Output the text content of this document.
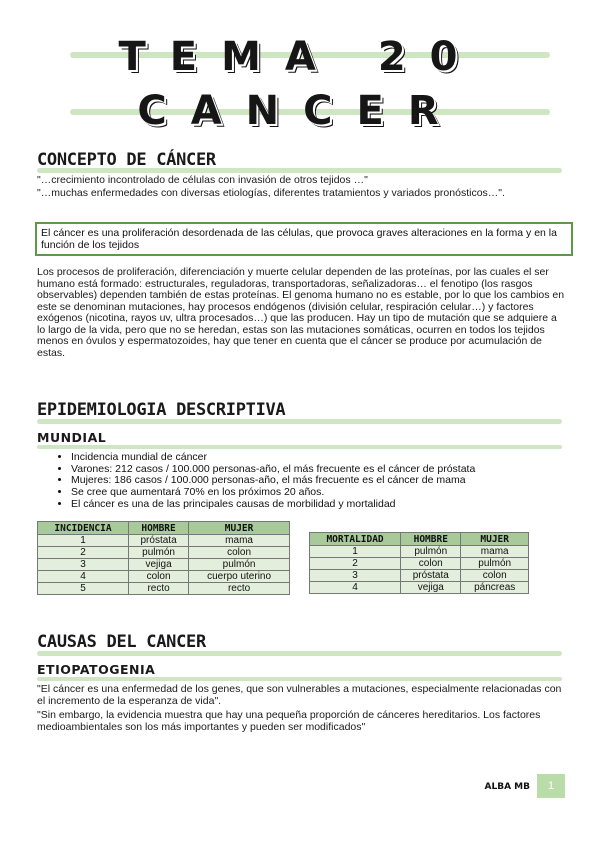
TEMA 20
CANCER
CONCEPTO DE CÁNCER
"…crecimiento incontrolado de células con invasión de otros tejidos …"
"…muchas enfermedades con diversas etiologías, diferentes tratamientos y variados pronósticos…".
El cáncer es una proliferación desordenada de las células, que provoca graves alteraciones en la forma y en la función de los tejidos
Los procesos de proliferación, diferenciación y muerte celular dependen de las proteínas, por las cuales el ser humano está formado: estructurales, reguladoras, transportadoras, señalizadoras… el fenotipo (los rasgos observables) dependen también de estas proteínas. El genoma humano no es estable, por lo que los cambios en este se denominan mutaciones, hay procesos endógenos (división celular, respiración celular…) y factores exógenos (nicotina, rayos uv, ultra procesados…) que las producen. Hay un tipo de mutación que se adquiere a lo largo de la vida, pero que no se heredan, estas son las mutaciones somáticas, ocurren en todos los tejidos menos en óvulos y espermatozoides, hay que tener en cuenta que el cáncer se produce por acumulación de estas.
EPIDEMIOLOGIA DESCRIPTIVA
MUNDIAL
• Incidencia mundial de cáncer
• Varones: 212 casos / 100.000 personas-año, el más frecuente es el cáncer de próstata
• Mujeres: 186 casos / 100.000 personas-año, el más frecuente es el cáncer de mama
• Se cree que aumentará 70% en los próximos 20 años.
• El cáncer es una de las principales causas de morbilidad y mortalidad
INCIDENCIA	HOMBRE	MUJER
1	próstata	mama
2	pulmón	colon
3	vejiga	pulmón
4	colon	cuerpo uterino
5	recto	recto
MORTALIDAD	HOMBRE	MUJER
1	pulmón	mama
2	colon	pulmón
3	próstata	colon
4	vejiga	páncreas
CAUSAS DEL CANCER
ETIOPATOGENIA
"El cáncer es una enfermedad de los genes, que son vulnerables a mutaciones, especialmente relacionadas con el incremento de la esperanza de vida".
"Sin embargo, la evidencia muestra que hay una pequeña proporción de cánceres hereditarios. Los factores medioambientales son los más importantes y pueden ser modificados"
ALBA MB	1
